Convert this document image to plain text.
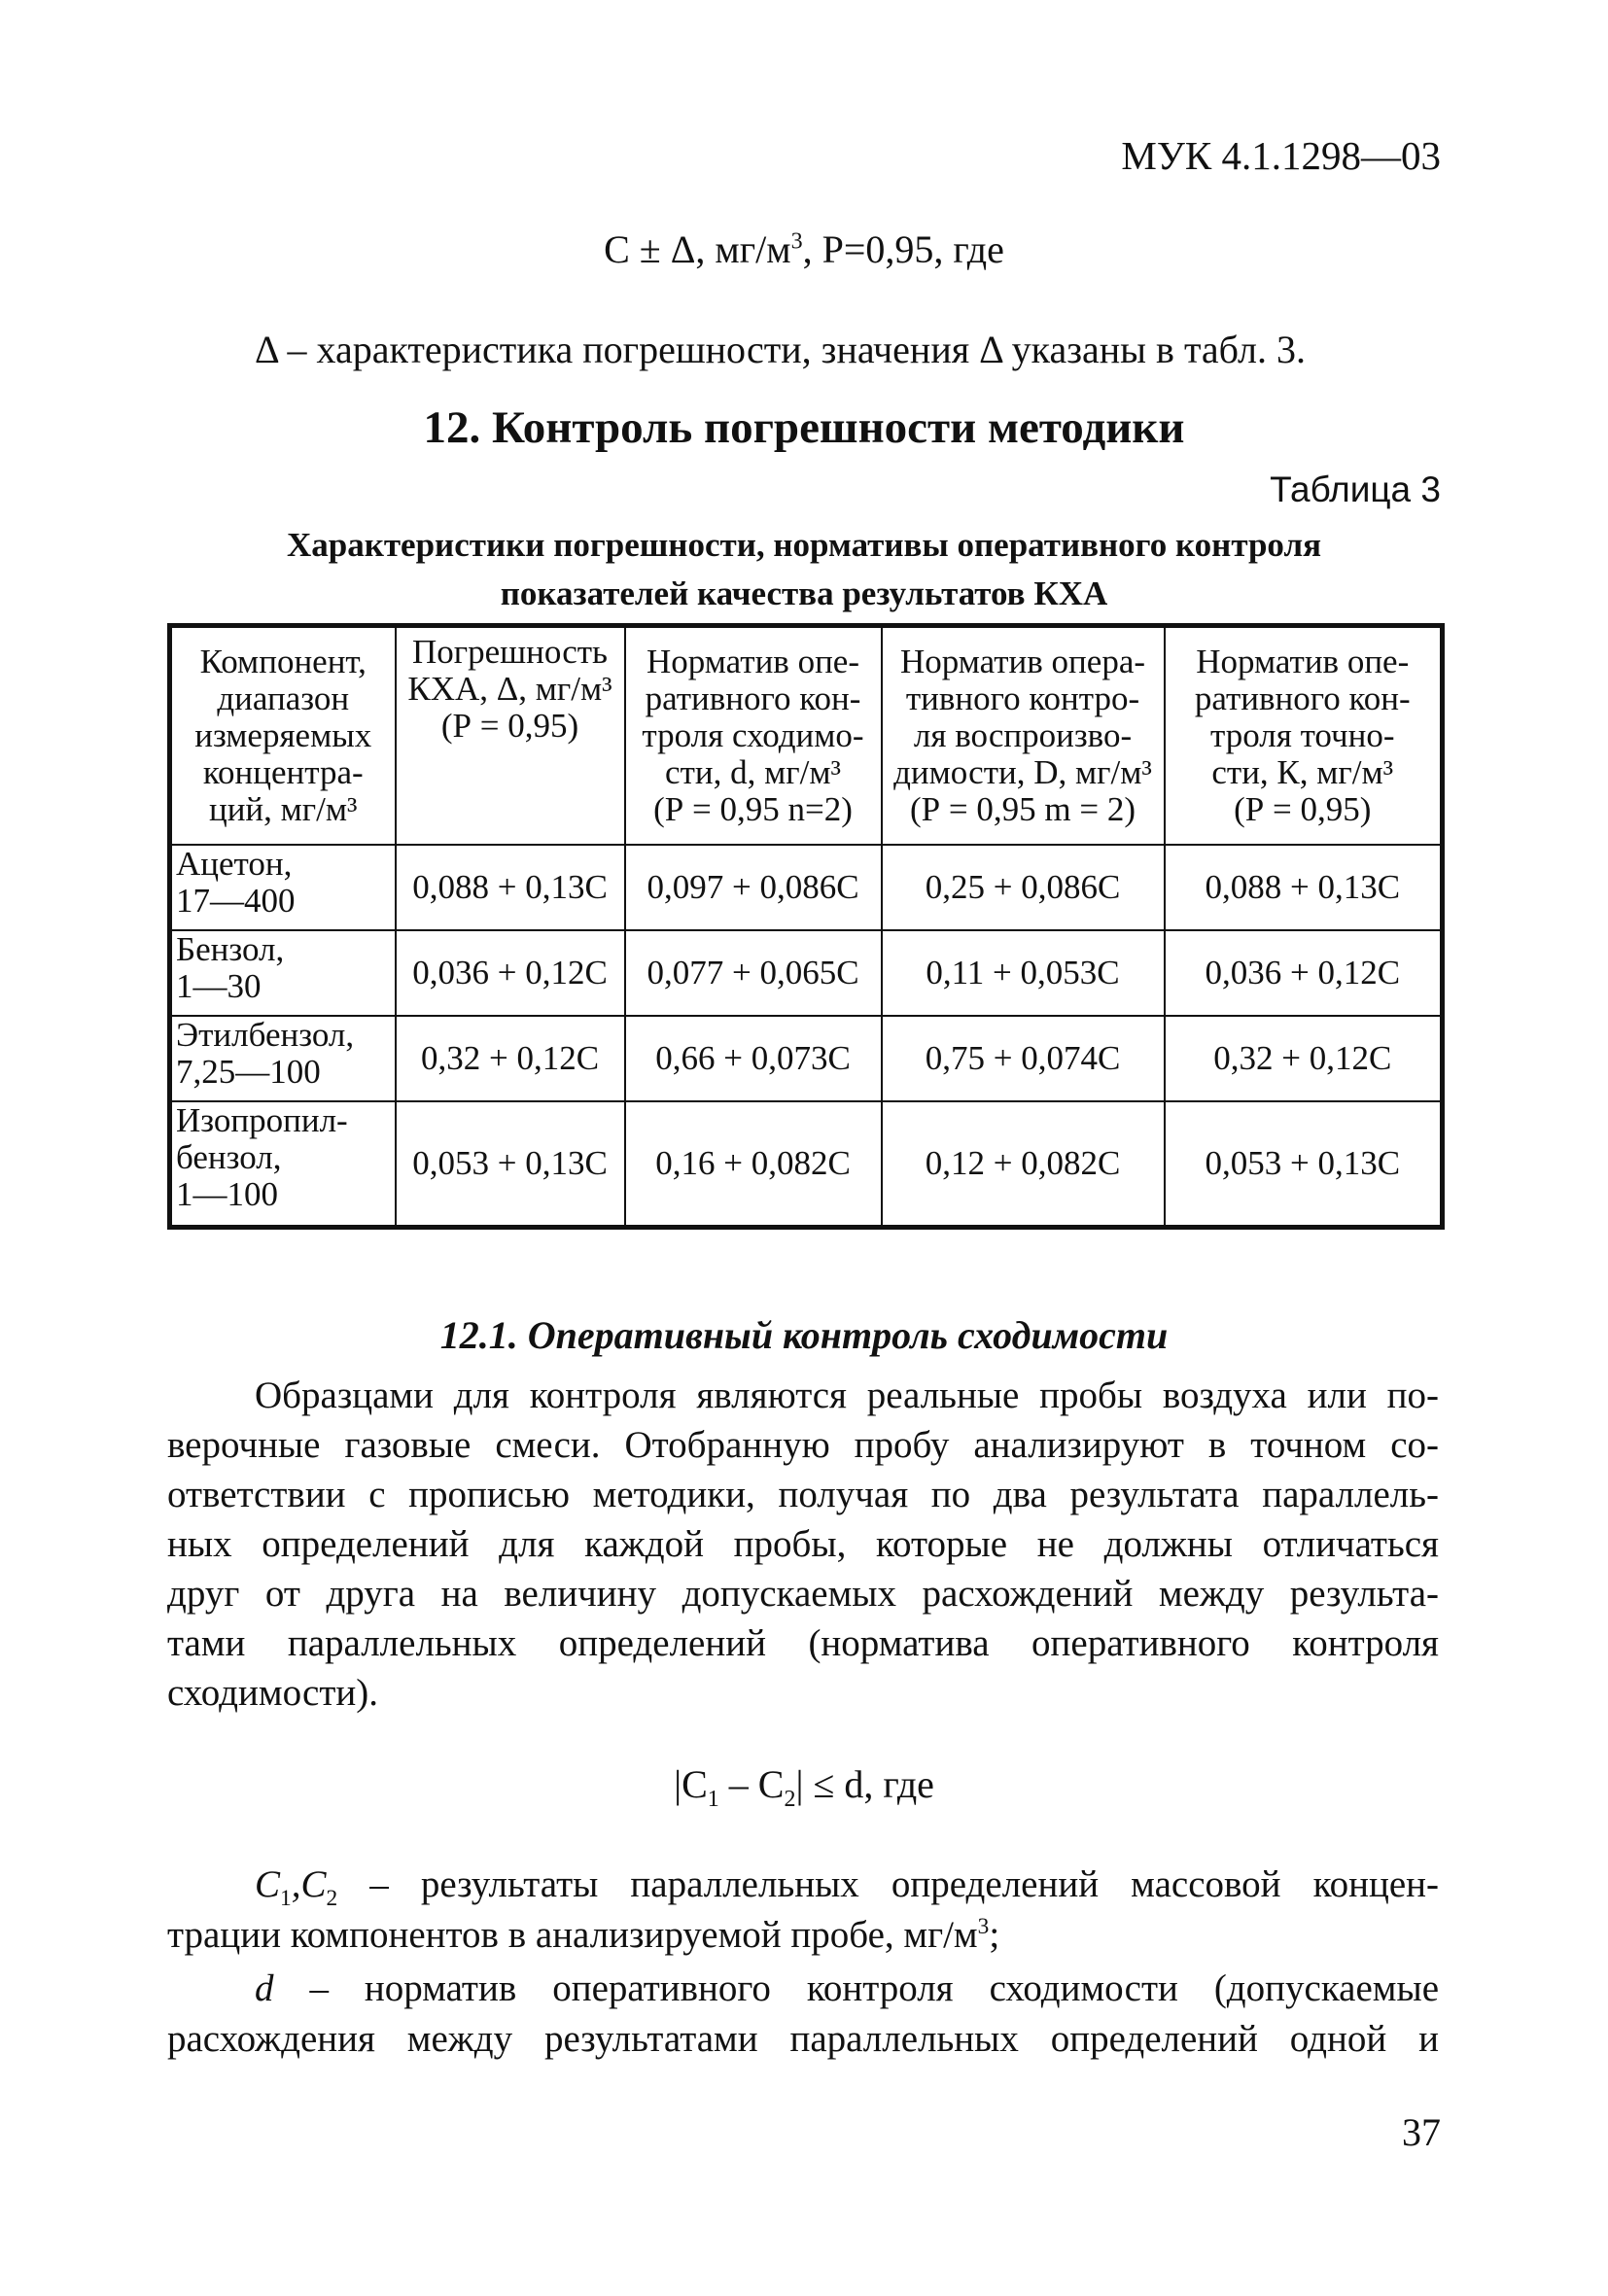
МУК 4.1.1298—03
С ± Δ, $мг/м^3$, Р=0,95, где
Δ – характеристика погрешности, значения Δ указаны в табл. 3.
12. Контроль погрешности методики
Таблица 3
Характеристики погрешности, нормативы оперативного контроля
показателей качества результатов КХА
Компонент,
диапазон
измеряемых
концентра-
ций, мг/м³	Погрешность
КХА, Δ, мг/м³
(Р = 0,95)	Норматив опе-
ративного кон-
троля сходимо-
сти, d, мг/м³
(Р = 0,95 n=2)	Норматив опера-
тивного контро-
ля воспроизво-
димости, D, мг/м³
(Р = 0,95 m = 2)	Норматив опе-
ративного кон-
троля точно-
сти, К, мг/м³
(Р = 0,95)

Ацетон,
17—400	0,088 + 0,13С	0,097 + 0,086С	0,25 + 0,086С	0,088 + 0,13С

Бензол,
1—30	0,036 + 0,12С	0,077 + 0,065С	0,11 + 0,053С	0,036 + 0,12С

Этилбензол,
7,25—100	0,32 + 0,12С	0,66 + 0,073С	0,75 + 0,074С	0,32 + 0,12С

Изопропил-
бензол,
1—100	0,053 + 0,13С	0,16 + 0,082С	0,12 + 0,082С	0,053 + 0,13С
12.1. Оперативный контроль сходимости
Образцами для контроля являются реальные пробы воздуха или по-
верочные газовые смеси. Отобранную пробу анализируют в точном со-
ответствии с прописью методики, получая по два результата параллель-
ных определений для каждой пробы, которые не должны отличаться
друг от друга на величину допускаемых расхождений между результа-
тами параллельных определений (норматива оперативного контроля
сходимости).
$|С_1 - С_2| \le d$, где
$С_1,С_2$ – результаты параллельных определений массовой концен-
трации компонентов в анализируемой пробе, $мг/м^3$;
d – норматив оперативного контроля сходимости (допускаемые
расхождения между результатами параллельных определений одной и
37
